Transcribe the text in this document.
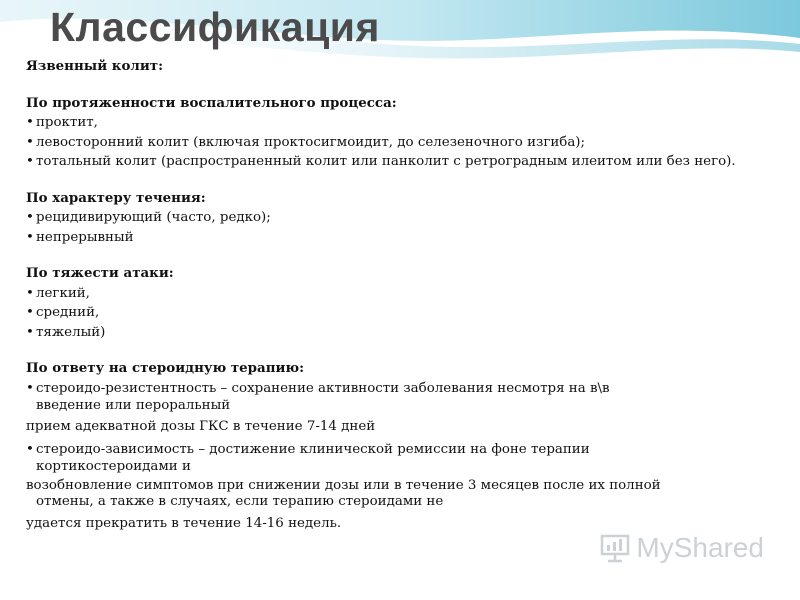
Классификация

Язвенный колит:

По протяженности воспалительного процесса:

• проктит,

• левосторонний колит (включая проктосигмоидит, до селезеночного изгиба);

• тотальный колит (распространенный колит или панколит с ретроградным илеитом или без него).

По характеру течения:

• рецидивирующий (часто, редко);

• непрерывный

По тяжести атаки:

• легкий,

• средний,

• тяжелый)

По ответу на стероидную терапию:

• стероидо-резистентность – сохранение активности заболевания несмотря на в\в

введение или пероральный

прием адекватной дозы ГКС в течение 7-14 дней

• стероидо-зависимость – достижение клинической ремиссии на фоне терапии

кортикостероидами и

возобновление симптомов при снижении дозы или в течение 3 месяцев после их полной

отмены, а также в случаях, если терапию стероидами не

удается прекратить в течение 14-16 недель.

MyShared
